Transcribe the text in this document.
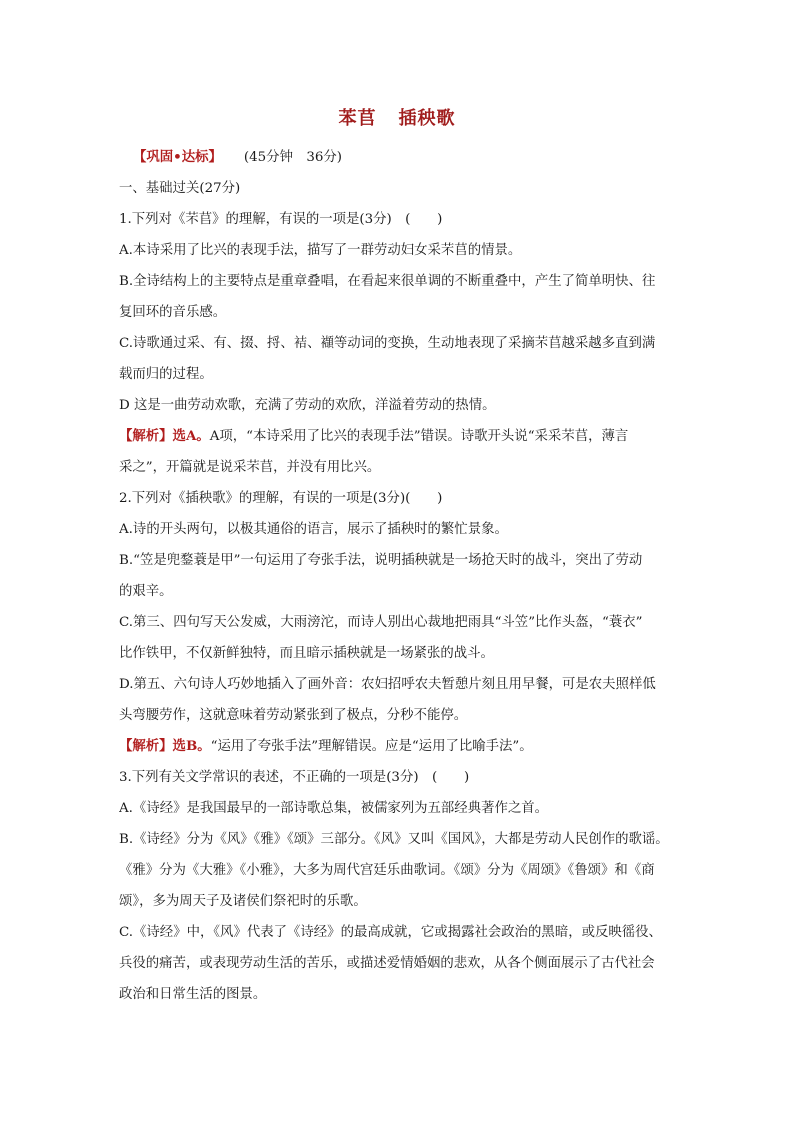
苯苢 插秧歌
【巩固•达标】 (45分钟　36分)
一、基础过关(27分)
1.下列对《芣苢》的理解，有误的一项是(3分)　(　　)
A.本诗采用了比兴的表现手法，描写了一群劳动妇女采芣苢的情景。
B.全诗结构上的主要特点是重章叠唱，在看起来很单调的不断重叠中，产生了简单明快、往
复回环的音乐感。
C.诗歌通过采、有、掇、捋、袺、襭等动词的变换，生动地表现了采摘芣苢越采越多直到满
载而归的过程。
D 这是一曲劳动欢歌，充满了劳动的欢欣，洋溢着劳动的热情。
【解析】选A。A项，“本诗采用了比兴的表现手法”错误。诗歌开头说“采采芣苢，薄言
采之”，开篇就是说采芣苢，并没有用比兴。
2.下列对《插秧歌》的理解，有误的一项是(3分)(　　)
A.诗的开头两句，以极其通俗的语言，展示了插秧时的繁忙景象。
B.“笠是兜鍪蓑是甲”一句运用了夸张手法，说明插秧就是一场抢天时的战斗，突出了劳动
的艰辛。
C.第三、四句写天公发威，大雨滂沱，而诗人别出心裁地把雨具“斗笠”比作头盔，“蓑衣”
比作铁甲，不仅新鲜独特，而且暗示插秧就是一场紧张的战斗。
D.第五、六句诗人巧妙地插入了画外音：农妇招呼农夫暂憩片刻且用早餐，可是农夫照样低
头弯腰劳作，这就意味着劳动紧张到了极点，分秒不能停。
【解析】选B。“运用了夸张手法”理解错误。应是“运用了比喻手法”。
3.下列有关文学常识的表述，不正确的一项是(3分)　(　　)
A.《诗经》是我国最早的一部诗歌总集，被儒家列为五部经典著作之首。
B.《诗经》分为《风》《雅》《颂》三部分。《风》又叫《国风》，大都是劳动人民创作的歌谣。
《雅》分为《大雅》《小雅》，大多为周代宫廷乐曲歌词。《颂》分为《周颂》《鲁颂》和《商
颂》，多为周天子及诸侯们祭祀时的乐歌。
C.《诗经》中，《风》代表了《诗经》的最高成就，它或揭露社会政治的黑暗，或反映徭役、
兵役的痛苦，或表现劳动生活的苦乐，或描述爱情婚姻的悲欢，从各个侧面展示了古代社会
政治和日常生活的图景。
